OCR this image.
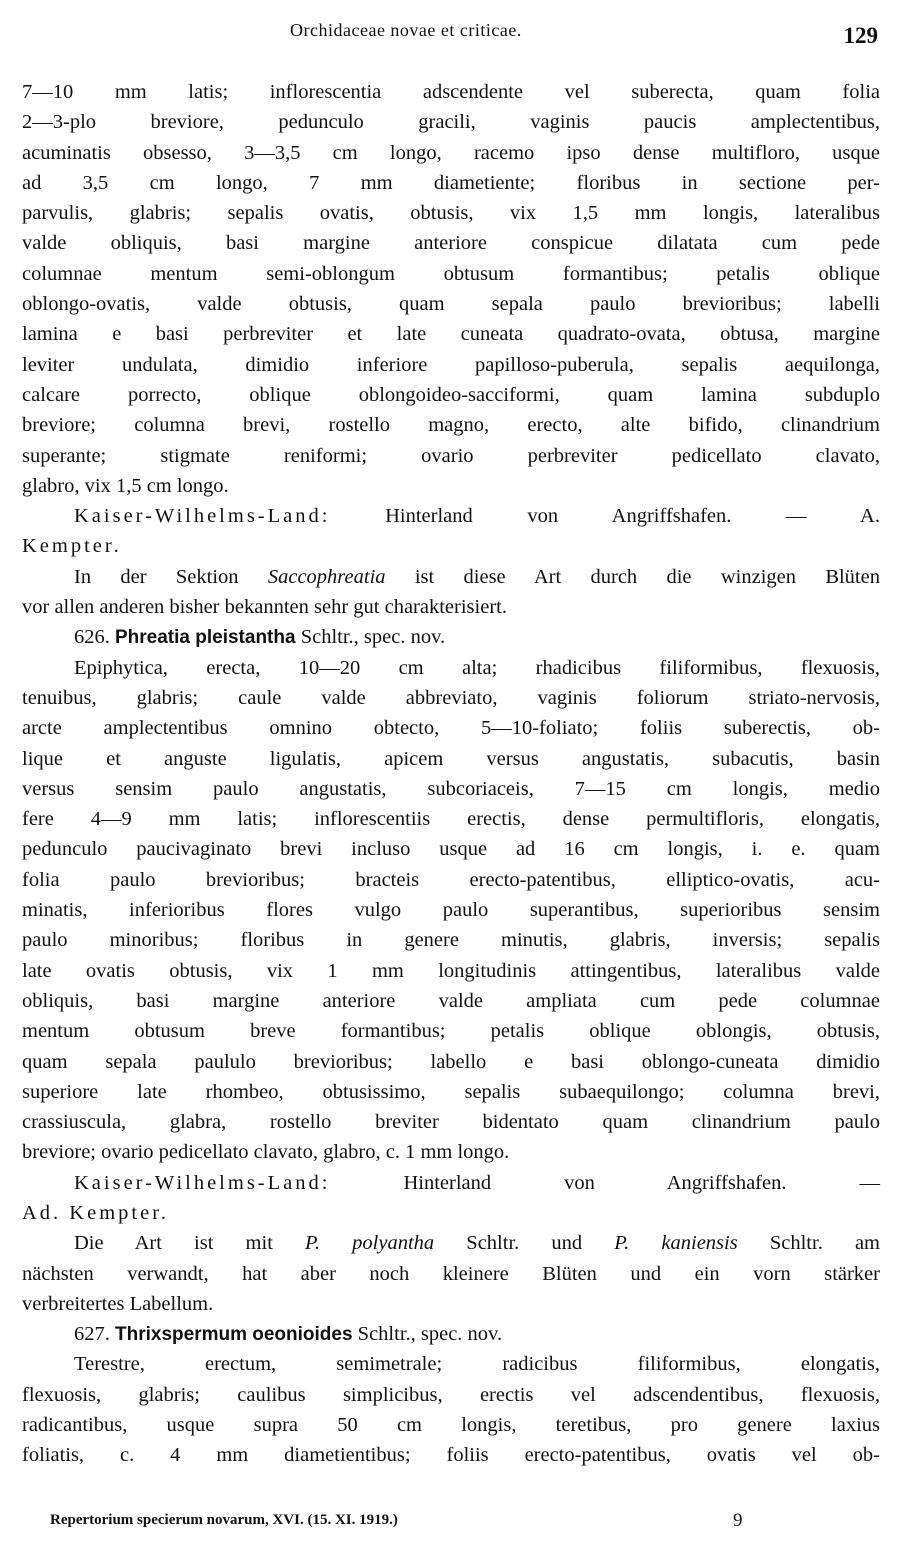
Orchidaceae novae et criticae.	129
7—10 mm latis; inflorescentia adscendente vel suberecta, quam folia
2—3-plo breviore, pedunculo gracili, vaginis paucis amplectentibus,
acuminatis obsesso, 3—3,5 cm longo, racemo ipso dense multifloro, usque
ad 3,5 cm longo, 7 mm diametiente; floribus in sectione per-
parvulis, glabris; sepalis ovatis, obtusis, vix 1,5 mm longis, lateralibus
valde obliquis, basi margine anteriore conspicue dilatata cum pede
columnae mentum semi-oblongum obtusum formantibus; petalis oblique
oblongo-ovatis, valde obtusis, quam sepala paulo brevioribus; labelli
lamina e basi perbreviter et late cuneata quadrato-ovata, obtusa, margine
leviter undulata, dimidio inferiore papilloso-puberula, sepalis aequilonga,
calcare porrecto, oblique oblongoideo-sacciformi, quam lamina subduplo
breviore; columna brevi, rostello magno, erecto, alte bifido, clinandrium
superante; stigmate reniformi; ovario perbreviter pedicellato clavato,
glabro, vix 1,5 cm longo.
Kaiser-Wilhelms-Land: Hinterland von Angriffshafen. — A.
Kempter.
In der Sektion Saccophreatia ist diese Art durch die winzigen Blüten
vor allen anderen bisher bekannten sehr gut charakterisiert.
626. Phreatia pleistantha Schltr., spec. nov.
Epiphytica, erecta, 10—20 cm alta; rhadicibus filiformibus, flexuosis,
tenuibus, glabris; caule valde abbreviato, vaginis foliorum striato-nervosis,
arcte amplectentibus omnino obtecto, 5—10-foliato; foliis suberectis, ob-
lique et anguste ligulatis, apicem versus angustatis, subacutis, basin
versus sensim paulo angustatis, subcoriaceis, 7—15 cm longis, medio
fere 4—9 mm latis; inflorescentiis erectis, dense permultifloris, elongatis,
pedunculo paucivaginato brevi incluso usque ad 16 cm longis, i. e. quam
folia paulo brevioribus; bracteis erecto-patentibus, elliptico-ovatis, acu-
minatis, inferioribus flores vulgo paulo superantibus, superioribus sensim
paulo minoribus; floribus in genere minutis, glabris, inversis; sepalis
late ovatis obtusis, vix 1 mm longitudinis attingentibus, lateralibus valde
obliquis, basi margine anteriore valde ampliata cum pede columnae
mentum obtusum breve formantibus; petalis oblique oblongis, obtusis,
quam sepala paululo brevioribus; labello e basi oblongo-cuneata dimidio
superiore late rhombeo, obtusissimo, sepalis subaequilongo; columna brevi,
crassiuscula, glabra, rostello breviter bidentato quam clinandrium paulo
breviore; ovario pedicellato clavato, glabro, c. 1 mm longo.
Kaiser-Wilhelms-Land: Hinterland von Angriffshafen. —
Ad. Kempter.
Die Art ist mit P. polyantha Schltr. und P. kaniensis Schltr. am
nächsten verwandt, hat aber noch kleinere Blüten und ein vorn stärker
verbreitertes Labellum.
627. Thrixspermum oeonioides Schltr., spec. nov.
Terestre, erectum, semimetrale; radicibus filiformibus, elongatis,
flexuosis, glabris; caulibus simplicibus, erectis vel adscendentibus, flexuosis,
radicantibus, usque supra 50 cm longis, teretibus, pro genere laxius
foliatis, c. 4 mm diametientibus; foliis erecto-patentibus, ovatis vel ob-
Repertorium specierum novarum, XVI. (15. XI. 1919.)	9
